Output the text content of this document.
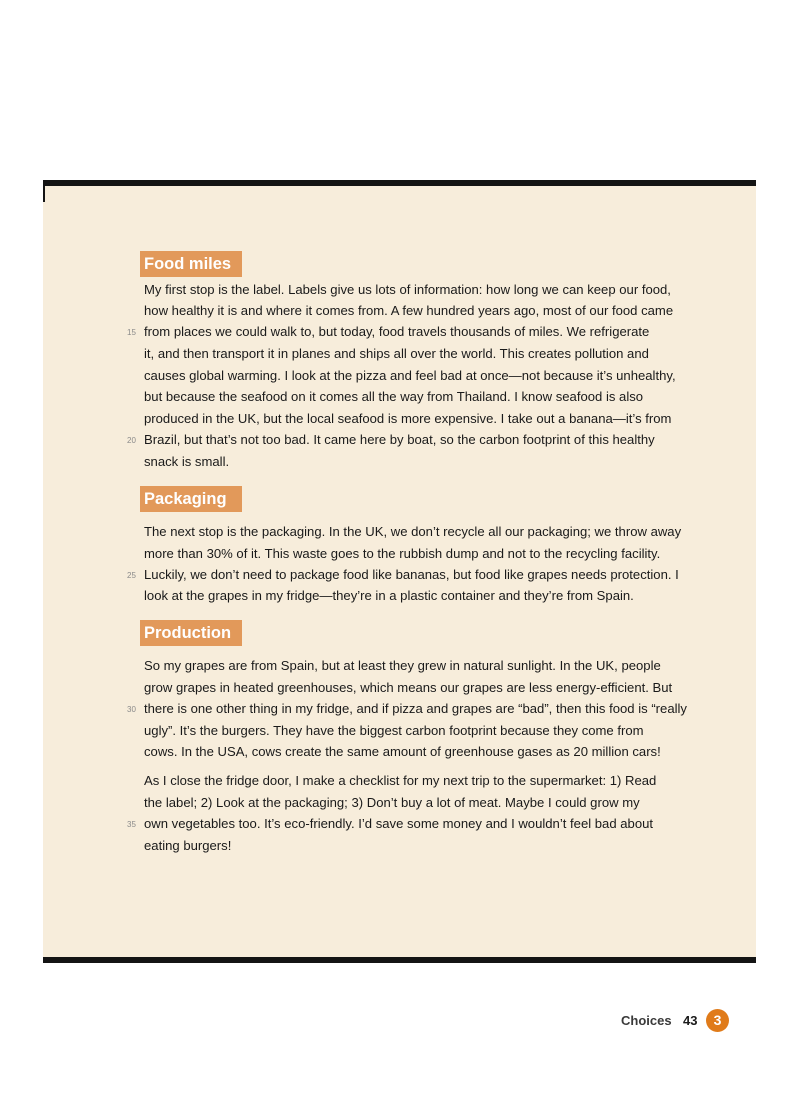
Food miles
My first stop is the label. Labels give us lots of information: how long we can keep our food,
how healthy it is and where it comes from. A few hundred years ago, most of our food came
from places we could walk to, but today, food travels thousands of miles. We refrigerate
it, and then transport it in planes and ships all over the world. This creates pollution and
causes global warming. I look at the pizza and feel bad at once—not because it’s unhealthy,
but because the seafood on it comes all the way from Thailand. I know seafood is also
produced in the UK, but the local seafood is more expensive. I take out a banana—it’s from
Brazil, but that’s not too bad. It came here by boat, so the carbon footprint of this healthy
snack is small.
Packaging
The next stop is the packaging. In the UK, we don’t recycle all our packaging; we throw away
more than 30% of it. This waste goes to the rubbish dump and not to the recycling facility.
Luckily, we don’t need to package food like bananas, but food like grapes needs protection. I
look at the grapes in my fridge—they’re in a plastic container and they’re from Spain.
Production
So my grapes are from Spain, but at least they grew in natural sunlight. In the UK, people
grow grapes in heated greenhouses, which means our grapes are less energy-efficient. But
there is one other thing in my fridge, and if pizza and grapes are “bad”, then this food is “really
ugly”. It’s the burgers. They have the biggest carbon footprint because they come from
cows. In the USA, cows create the same amount of greenhouse gases as 20 million cars!
As I close the fridge door, I make a checklist for my next trip to the supermarket: 1) Read
the label; 2) Look at the packaging; 3) Don’t buy a lot of meat. Maybe I could grow my
own vegetables too. It’s eco-friendly. I’d save some money and I wouldn’t feel bad about
eating burgers!
15
20
25
30
35
Choices 43	3
